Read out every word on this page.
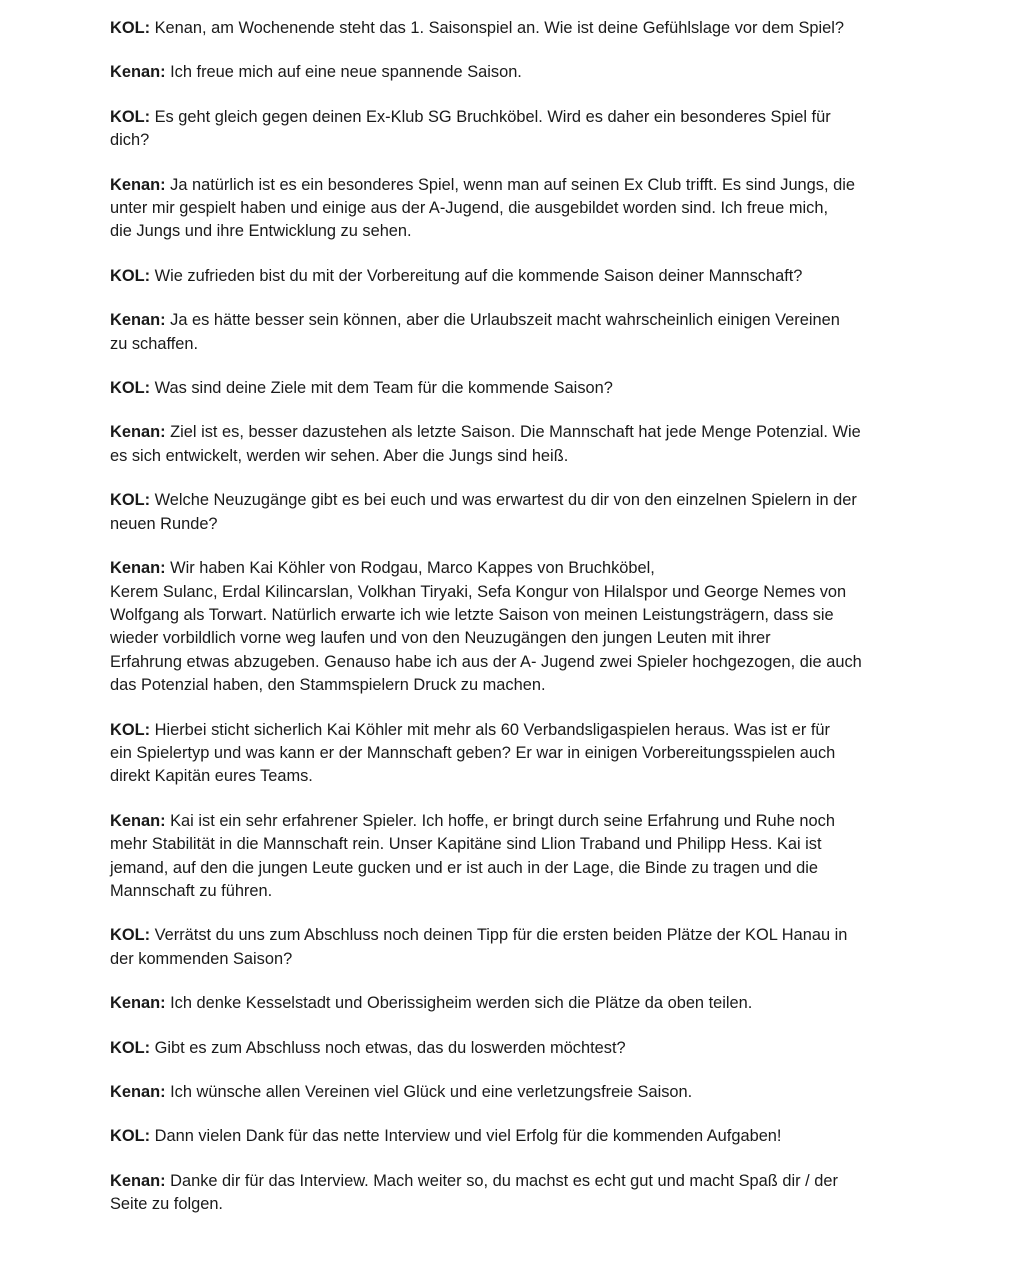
KOL: Kenan, am Wochenende steht das 1. Saisonspiel an. Wie ist deine Gefühlslage vor dem Spiel?
Kenan: Ich freue mich auf eine neue spannende Saison.
KOL: Es geht gleich gegen deinen Ex-Klub SG Bruchköbel. Wird es daher ein besonderes Spiel für
dich?
Kenan: Ja natürlich ist es ein besonderes Spiel, wenn man auf seinen Ex Club trifft. Es sind Jungs, die
unter mir gespielt haben und einige aus der A-Jugend, die ausgebildet worden sind. Ich freue mich,
die Jungs und ihre Entwicklung zu sehen.
KOL: Wie zufrieden bist du mit der Vorbereitung auf die kommende Saison deiner Mannschaft?
Kenan: Ja es hätte besser sein können, aber die Urlaubszeit macht wahrscheinlich einigen Vereinen
zu schaffen.
KOL: Was sind deine Ziele mit dem Team für die kommende Saison?
Kenan: Ziel ist es, besser dazustehen als letzte Saison. Die Mannschaft hat jede Menge Potenzial. Wie
es sich entwickelt, werden wir sehen. Aber die Jungs sind heiß.
KOL: Welche Neuzugänge gibt es bei euch und was erwartest du dir von den einzelnen Spielern in der
neuen Runde?
Kenan: Wir haben Kai Köhler von Rodgau, Marco Kappes von Bruchköbel,
Kerem Sulanc, Erdal Kilincarslan, Volkhan Tiryaki, Sefa Kongur von Hilalspor und George Nemes von
Wolfgang als Torwart. Natürlich erwarte ich wie letzte Saison von meinen Leistungsträgern, dass sie
wieder vorbildlich vorne weg laufen und von den Neuzugängen den jungen Leuten mit ihrer
Erfahrung etwas abzugeben. Genauso habe ich aus der A- Jugend zwei Spieler hochgezogen, die auch
das Potenzial haben, den Stammspielern Druck zu machen.
KOL: Hierbei sticht sicherlich Kai Köhler mit mehr als 60 Verbandsligaspielen heraus. Was ist er für
ein Spielertyp und was kann er der Mannschaft geben? Er war in einigen Vorbereitungsspielen auch
direkt Kapitän eures Teams.
Kenan: Kai ist ein sehr erfahrener Spieler. Ich hoffe, er bringt durch seine Erfahrung und Ruhe noch
mehr Stabilität in die Mannschaft rein. Unser Kapitäne sind Llion Traband und Philipp Hess. Kai ist
jemand, auf den die jungen Leute gucken und er ist auch in der Lage, die Binde zu tragen und die
Mannschaft zu führen.
KOL: Verrätst du uns zum Abschluss noch deinen Tipp für die ersten beiden Plätze der KOL Hanau in
der kommenden Saison?
Kenan: Ich denke Kesselstadt und Oberissigheim werden sich die Plätze da oben teilen.
KOL: Gibt es zum Abschluss noch etwas, das du loswerden möchtest?
Kenan: Ich wünsche allen Vereinen viel Glück und eine verletzungsfreie Saison.
KOL: Dann vielen Dank für das nette Interview und viel Erfolg für die kommenden Aufgaben!
Kenan: Danke dir für das Interview. Mach weiter so, du machst es echt gut und macht Spaß dir / der
Seite zu folgen.
